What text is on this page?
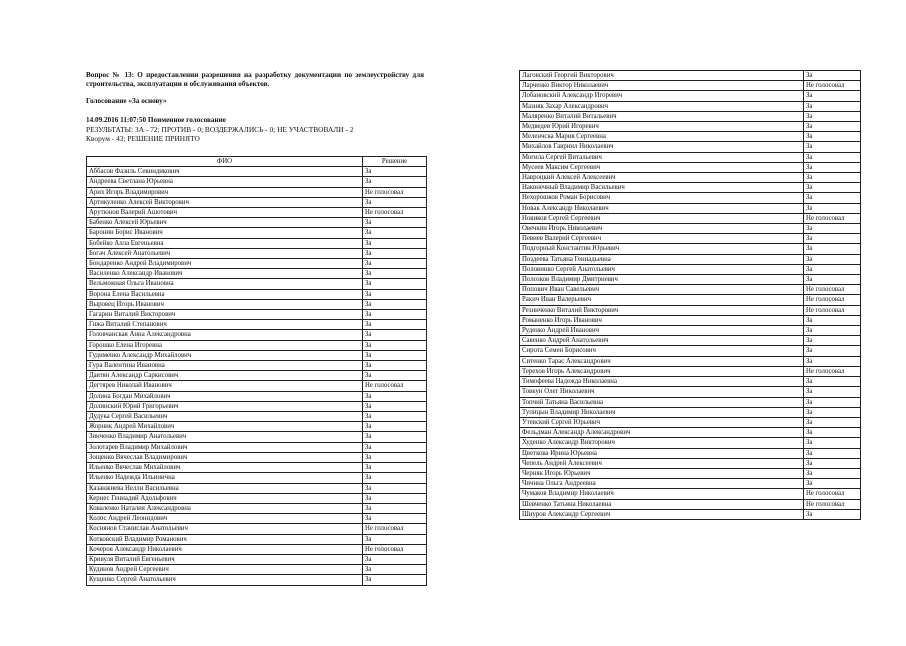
Вопрос № 13: О предоставлении разрешения на разработку документации по землеустройству для строительства, эксплуатации и обслуживания объектов.
Голосование «За основу»
14.09.2016 11:07:50 Поименное голосование
РЕЗУЛЬТАТЫ: ЗА - 72; ПРОТИВ - 0; ВОЗДЕРЖАЛИСЬ - 0; НЕ УЧАСТВОВАЛИ - 2
Кворум - 43; РЕШЕНИЕ ПРИНЯТО
ФИО	Решение
Аббасов Фазиль Севиндикович	За
Андреева Светлана Юрьевна	За
Арих Игорь Владимирович	Не голосовал
Артикуленко Алексей Викторович	За
Арутюнов Валерий Ашотович	Не голосовал
Бабенко Алексей Юрьевич	За
Баронин Борис Иванович	За
Бобейко Алла Евгеньевна	За
Богач Алексей Анатольевич	За
Бондаренко Андрей Владимирович	За
Василенко Александр Иванович	За
Вельможная Ольга Ивановна	За
Ворона Елена Васильевна	За
Выровец Игорь Иванович	За
Гагарин Виталий Викторович	За
Гижа Виталий Степанович	За
Головчанская Анна Александровна	За
Горошко Елена Игоревна	За
Гудименко Александр Михайлович	За
Гура Валентина Ивановна	За
Давтян Александр Саркисович	За
Дегтярев Николай Иванович	Не голосовал
Долина Богдан Михайлович	За
Долинский Юрий Григорьевич	За
Дудука Сергей Васильевич	За
Жорник Андрей Михайлович	За
Зинченко Владимир Анатольевич	За
Золотарев Владимир Михайлович	За
Зощенко Вячеслав Владимирович	За
Ильенко Вячеслав Михайлович	За
Ильенко Надежда Ильинична	За
Казанжиева Нелли Васильевна	За
Кернес Геннадий Адольфович	За
Коваленко Наталия Александровна	За
Колос Андрей Леонидович	За
Коснянов Станислав Анатольевич	Не голосовал
Котковский Владимир Романович	За
Кочеров Александр Николаевич	Не голосовал
Кривуля Виталий Евгеньевич	За
Кудинов Андрей Сергеевич	За
Кущенко Сергей Анатольевич	За
Лаговский Георгий Викторович	За
Ларченко Виктор Николаевич	Не голосовал
Лобановский Александр Игоревич	За
Мазняк Захар Александрович	За
Маляренко Виталий Витальевич	За
Медведев Юрий Игоревич	За
Меленчска Мария Сергеевна	За
Михайлов Гавриил Николаевич	За
Могила Сергей Витальевич	За
Мусеев Максим Сергеевич	За
Навроцкий Алексей Алексеевич	За
Наконечный Владимир Васильевич	За
Нехорошков Роман Борисович	За
Новак Александр Николаевич	За
Новиков Сергей Сергеевич	Не голосовал
Овечкин Игорь Николаевич	За
Певнев Валерий Сергеевич	За
Подгорный Константин Юрьевич	За
Поздеева Татьяна Геннадьевна	За
Половинко Сергей Анатольевич	За
Полозков Владимир Дмитриевич	За
Попович Иван Савельевич	Не голосовал
Ракич Иван Валерьевич	Не голосовал
Резниченко Виталий Викторович	Не голосовал
Романенко Игорь Иванович	За
Руденко Андрей Иванович	За
Савенко Андрей Анатольевич	За
Сирота Семен Борисович	За
Ситенко Тарас Александрович	За
Терехов Игорь Александрович	Не голосовал
Тимофеева Надежда Николаевна	За
Товкун Олег Николаевич	За
Топчий Татьяна Васильевна	За
Тупицын Владимир Николаевич	За
Утевский Сергей Юрьевич	За
Фельдман Александр Александрович	За
Худенко Александр Викторович	За
Цветкова Ирина Юрьевна	За
Чепель Андрей Алексеевич	За
Черняк Игорь Юрьевич	За
Чичина Ольга Андреевна	За
Чумаков Владимир Николаевич	Не голосовал
Шевченко Татьяна Николаевна	Не голосовал
Шиуров Александр Сергеевич	За
